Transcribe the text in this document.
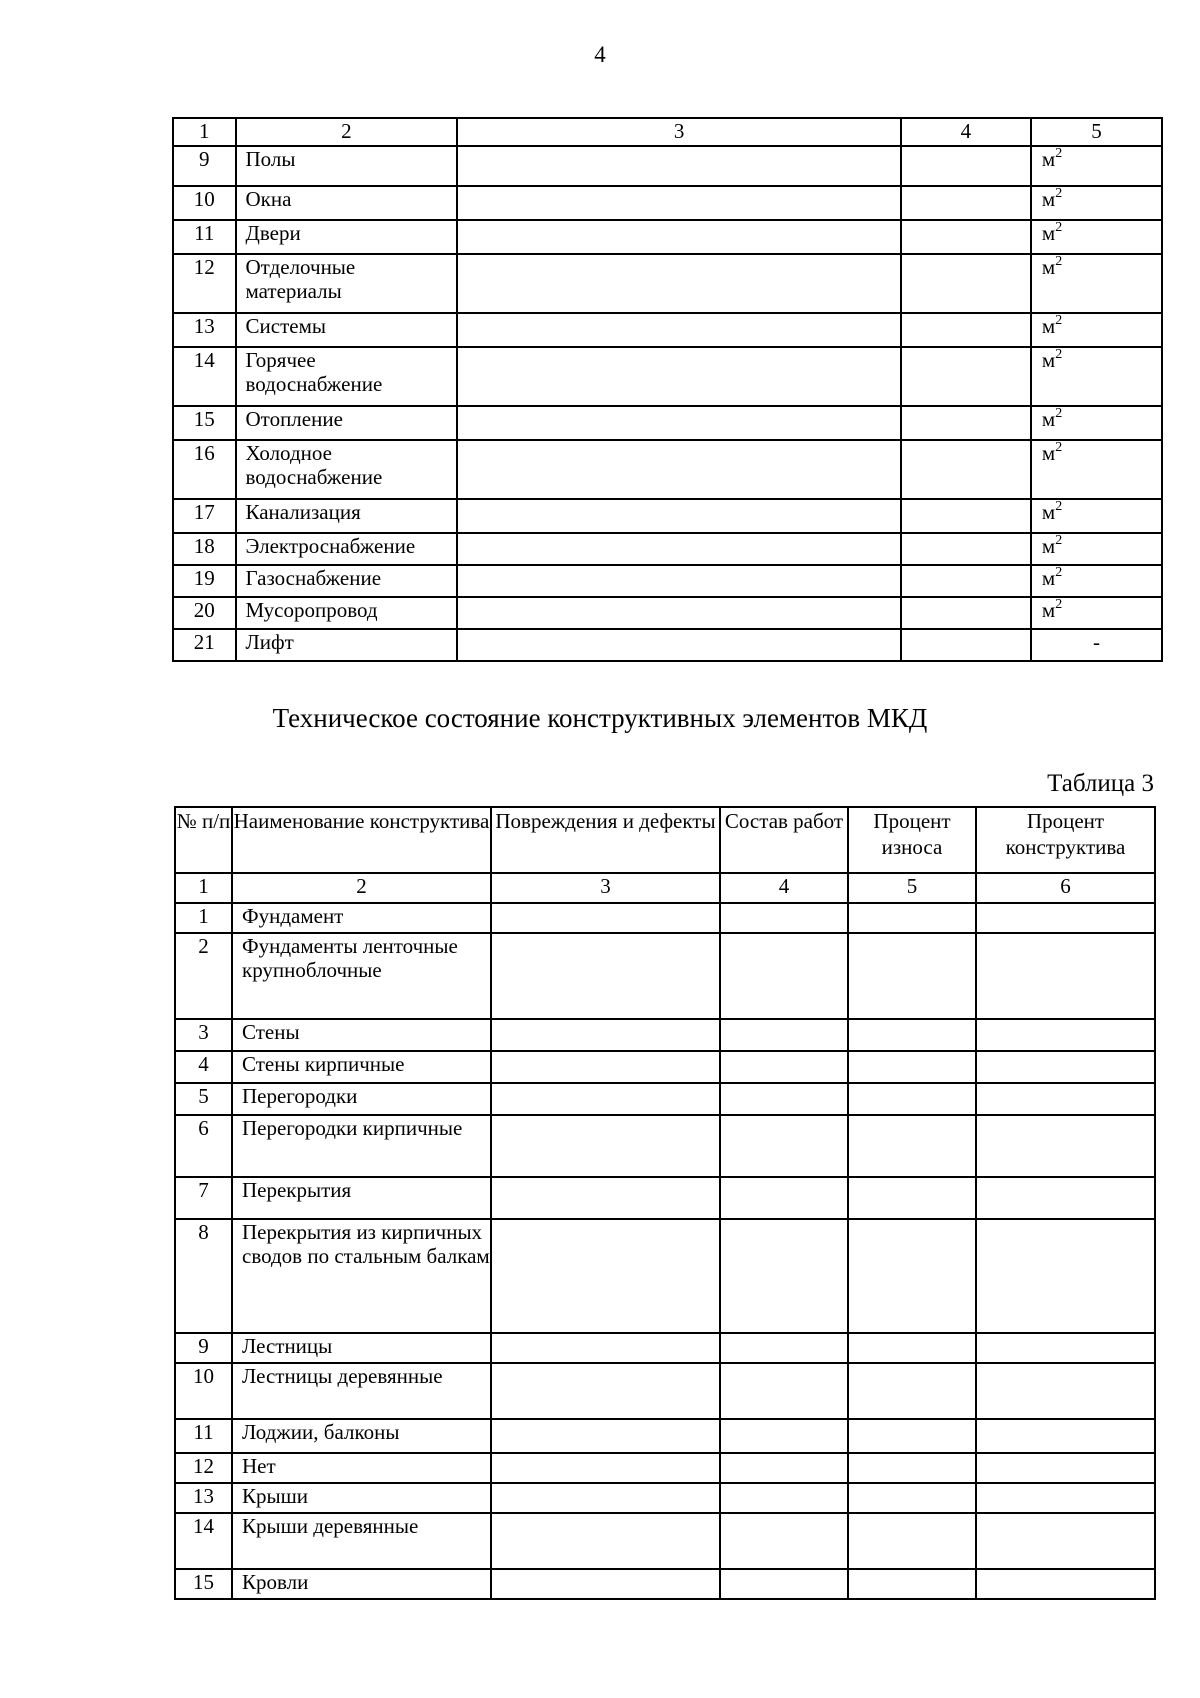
4
1	2	3	4	5
9	Полы			$м^2$
10	Окна			$м^2$
11	Двери			$м^2$
12	Отделочные материалы			$м^2$
13	Системы			$м^2$
14	Горячее водоснабжение			$м^2$
15	Отопление			$м^2$
16	Холодное водоснабжение			$м^2$
17	Канализация			$м^2$
18	Электроснабжение			$м^2$
19	Газоснабжение			$м^2$
20	Мусоропровод			$м^2$
21	Лифт			-
Техническое состояние конструктивных элементов МКД
Таблица 3
№ п/п	Наименование конструктива	Повреждения и дефекты	Состав работ	Процент износа	Процент конструктива
1	2	3	4	5	6
1	Фундамент				
2	Фундаменты ленточные крупноблочные				
3	Стены				
4	Стены кирпичные				
5	Перегородки				
6	Перегородки кирпичные				
7	Перекрытия				
8	Перекрытия из кирпичных сводов по стальным балкам				
9	Лестницы				
10	Лестницы деревянные				
11	Лоджии, балконы				
12	Нет				
13	Крыши				
14	Крыши деревянные				
15	Кровли				
